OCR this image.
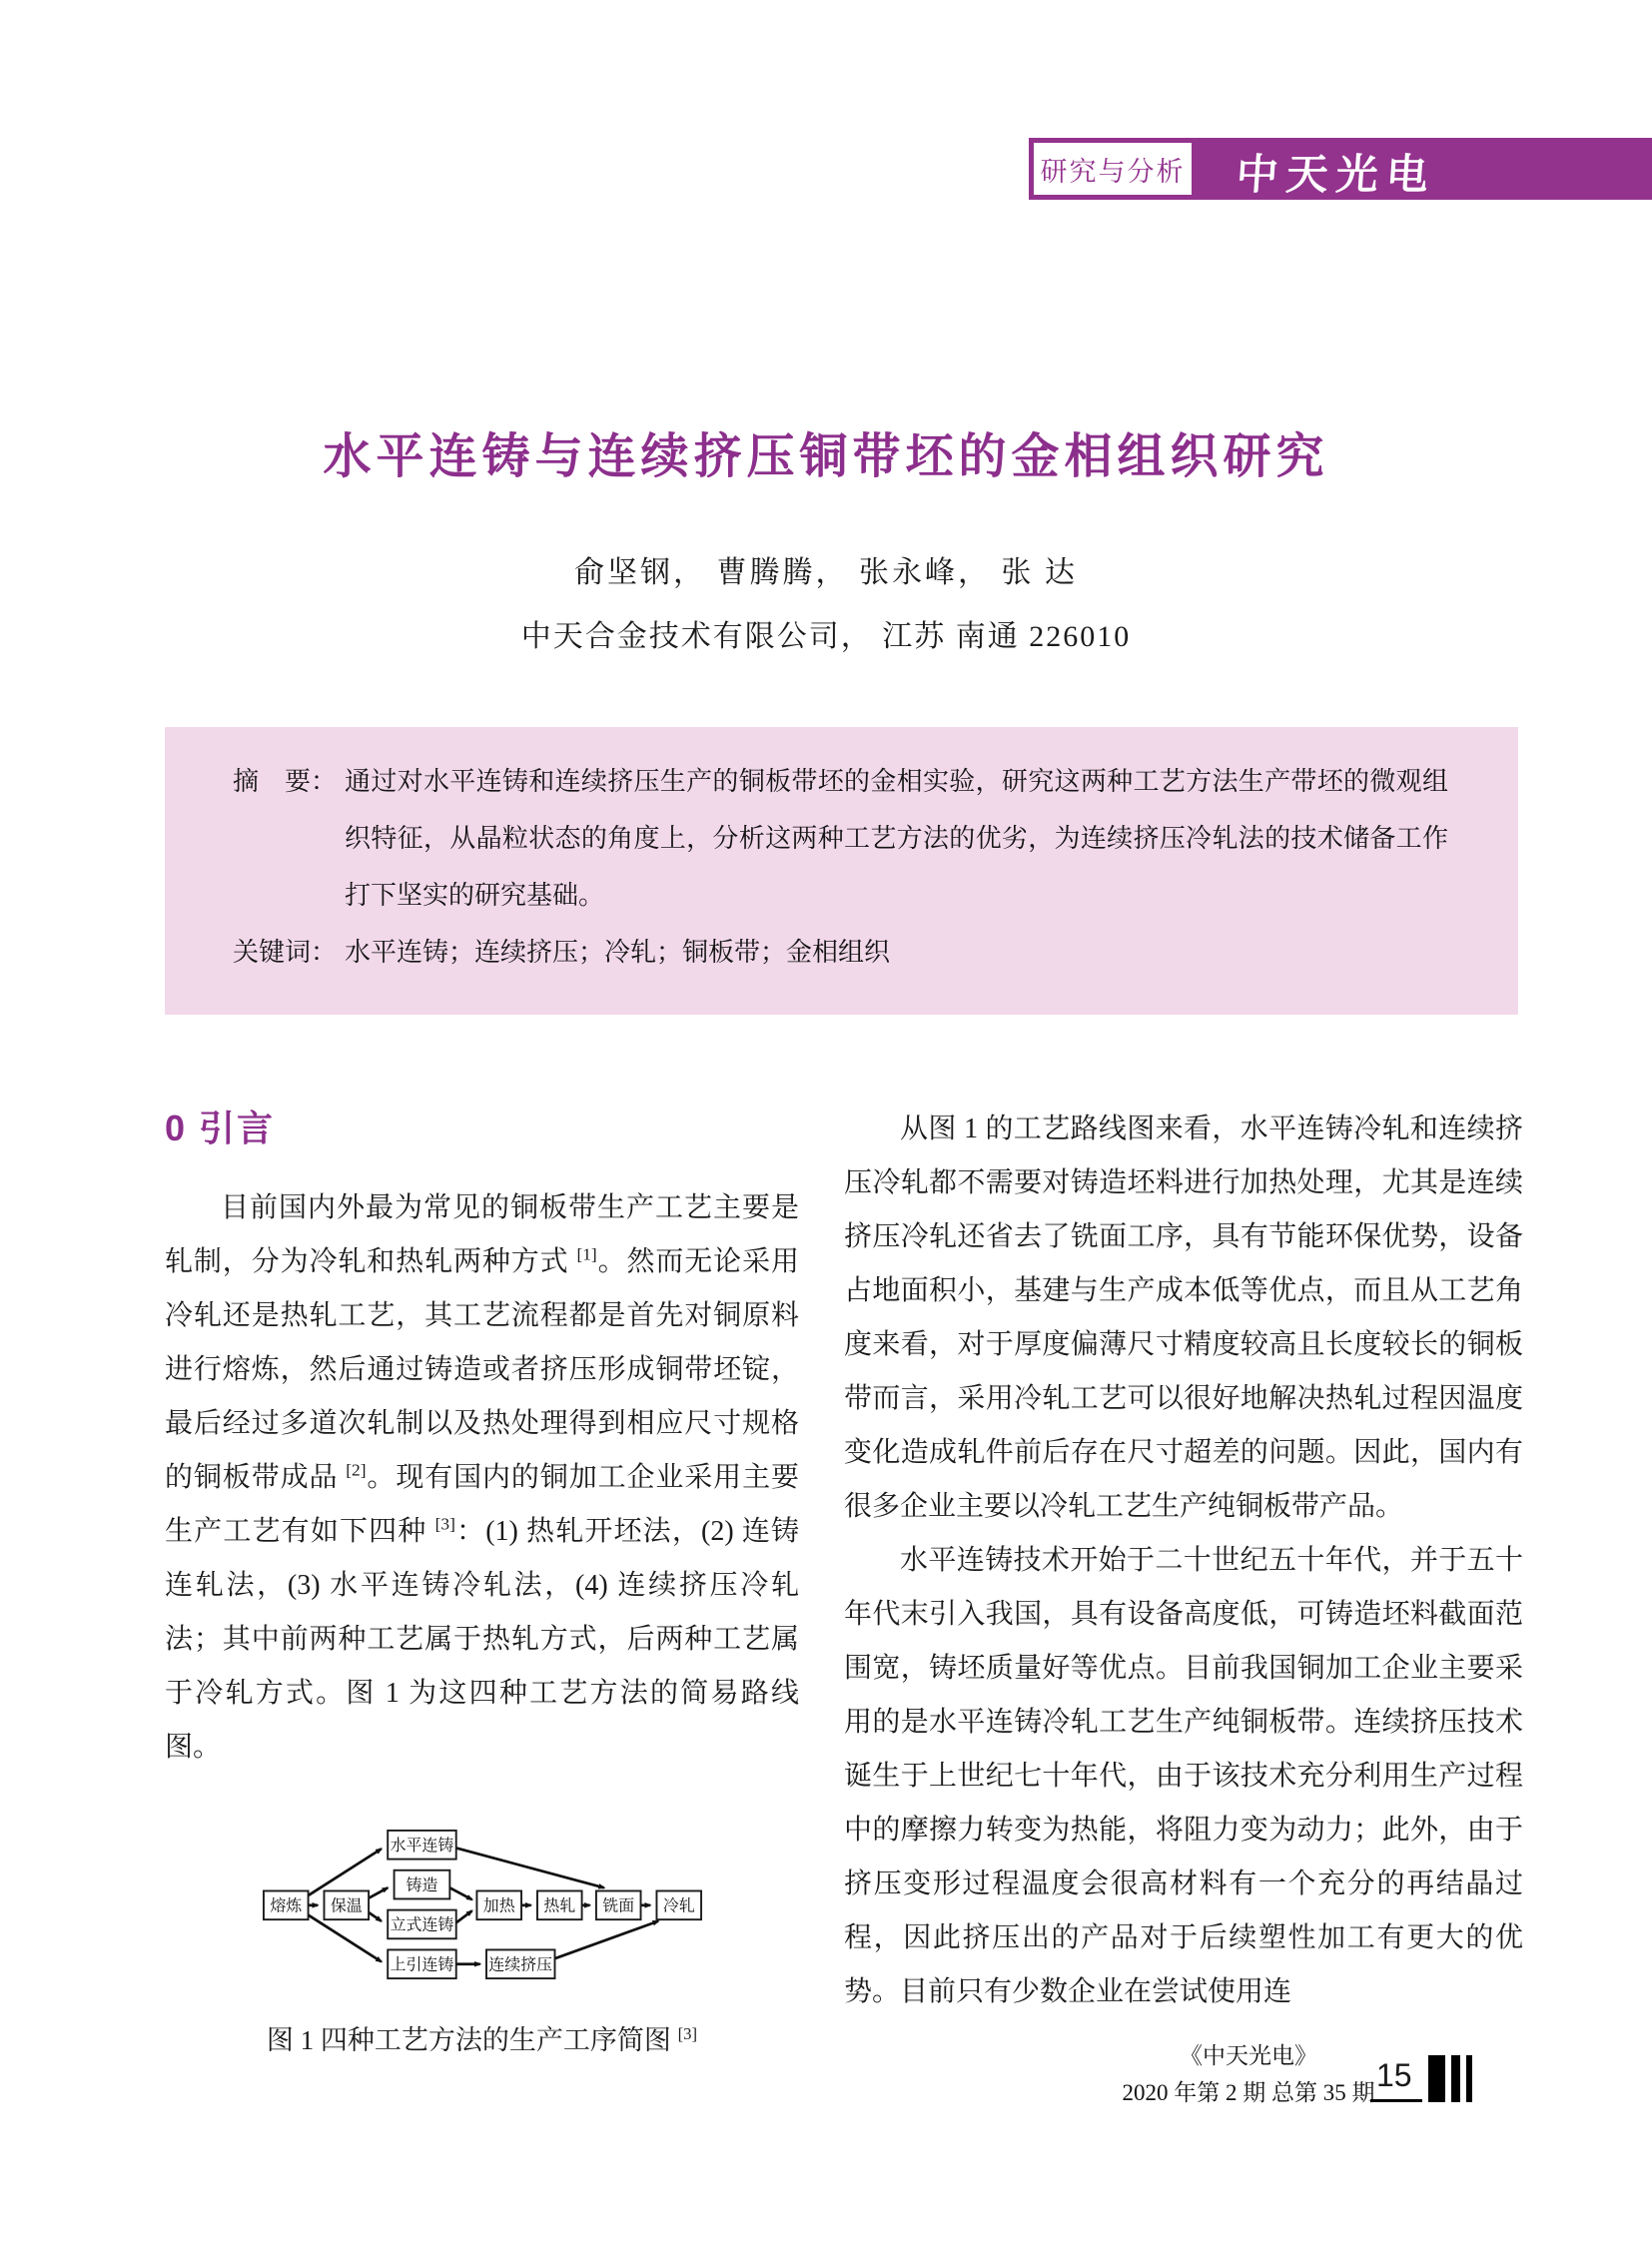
研究与分析 中天光电
水平连铸与连续挤压铜带坯的金相组织研究
俞坚钢， 曹腾腾， 张永峰， 张 达
中天合金技术有限公司， 江苏 南通 226010
摘　要： 通过对水平连铸和连续挤压生产的铜板带坯的金相实验，研究这两种工艺方法生产带坯的微观组织特征，从晶粒状态的角度上，分析这两种工艺方法的优劣，为连续挤压冷轧法的技术储备工作打下坚实的研究基础。
关键词： 水平连铸；连续挤压；冷轧；铜板带；金相组织
0 引言

目前国内外最为常见的铜板带生产工艺主要是轧制，分为冷轧和热轧两种方式 [1]。然而无论采用冷轧还是热轧工艺，其工艺流程都是首先对铜原料进行熔炼，然后通过铸造或者挤压形成铜带坯锭，最后经过多道次轧制以及热处理得到相应尺寸规格的铜板带成品 [2]。现有国内的铜加工企业采用主要生产工艺有如下四种 [3]：(1) 热轧开坯法，(2) 连铸连轧法，(3) 水平连铸冷轧法，(4) 连续挤压冷轧法；其中前两种工艺属于热轧方式，后两种工艺属于冷轧方式。图 1 为这四种工艺方法的简易路线图。

熔炼 保温
水平连铸
铸造
立式连铸
上引连铸
加热 热轧 铣面 冷轧
连续挤压
图 1 四种工艺方法的生产工序简图 [3]

从图 1 的工艺路线图来看，水平连铸冷轧和连续挤压冷轧都不需要对铸造坯料进行加热处理，尤其是连续挤压冷轧还省去了铣面工序，具有节能环保优势，设备占地面积小，基建与生产成本低等优点，而且从工艺角度来看，对于厚度偏薄尺寸精度较高且长度较长的铜板带而言，采用冷轧工艺可以很好地解决热轧过程因温度变化造成轧件前后存在尺寸超差的问题。因此，国内有很多企业主要以冷轧工艺生产纯铜板带产品。

水平连铸技术开始于二十世纪五十年代，并于五十年代末引入我国，具有设备高度低，可铸造坯料截面范围宽，铸坯质量好等优点。目前我国铜加工企业主要采用的是水平连铸冷轧工艺生产纯铜板带。连续挤压技术诞生于上世纪七十年代，由于该技术充分利用生产过程中的摩擦力转变为热能，将阻力变为动力；此外，由于挤压变形过程温度会很高材料有一个充分的再结晶过程，因此挤压出的产品对于后续塑性加工有更大的优势。目前只有少数企业在尝试使用连

《中天光电》
2020 年第 2 期 总第 35 期 15
